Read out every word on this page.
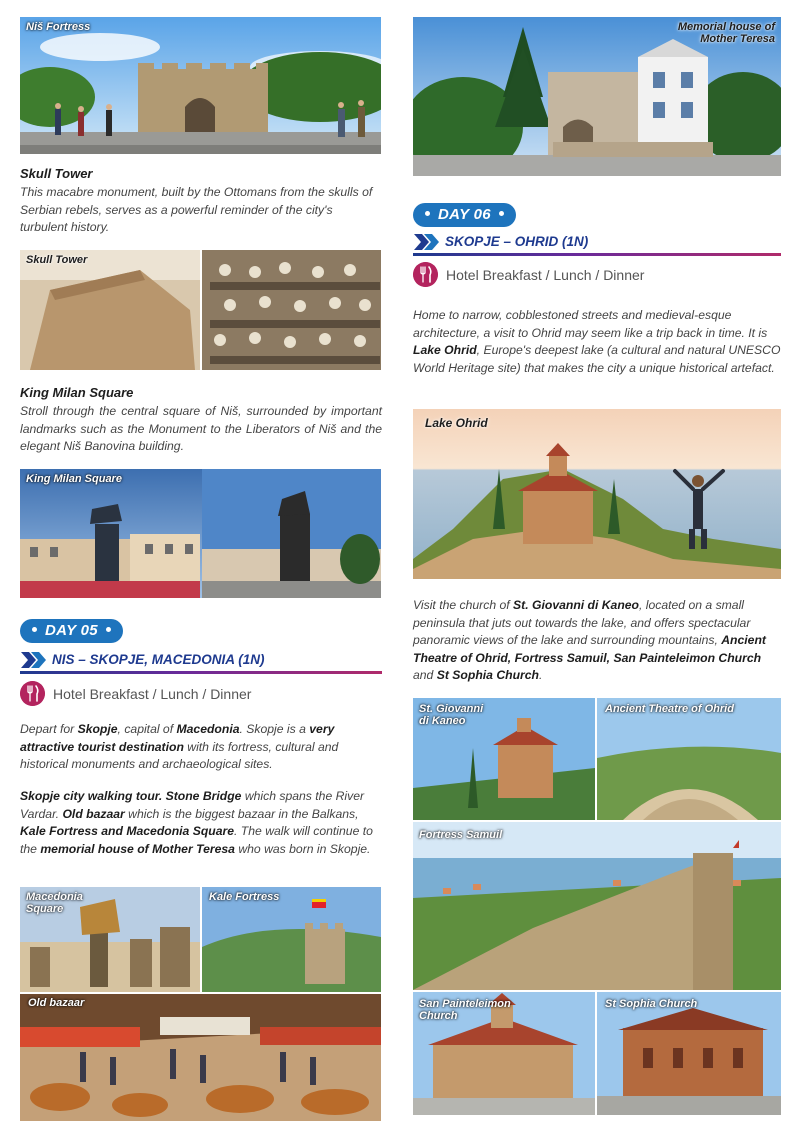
Niš Fortress
Skull Tower
This macabre monument, built by the Ottomans from the skulls of Serbian rebels, serves as a powerful reminder of the city's turbulent history.
Skull Tower
King Milan Square
Stroll through the central square of Niš, surrounded by important landmarks such as the Monument to the Liberators of Niš and the elegant Niš Banovina building.
King Milan Square
DAY 05
NIS – SKOPJE, MACEDONIA (1N)
Hotel Breakfast / Lunch / Dinner
Depart for Skopje, capital of Macedonia. Skopje is a very attractive tourist destination with its fortress, cultural and historical monuments and archaeological sites.
Skopje city walking tour. Stone Bridge which spans the River Vardar. Old bazaar which is the biggest bazaar in the Balkans, Kale Fortress and Macedonia Square. The walk will continue to the memorial house of Mother Teresa who was born in Skopje.
Macedonia
Square
Kale Fortress
Old bazaar
Memorial house of
Mother Teresa
DAY 06
SKOPJE – OHRID (1N)
Hotel Breakfast / Lunch / Dinner
Home to narrow, cobblestoned streets and medieval-esque architecture, a visit to Ohrid may seem like a trip back in time. It is Lake Ohrid, Europe's deepest lake (a cultural and natural UNESCO World Heritage site) that makes the city a unique historical artefact.
Lake Ohrid
Visit the church of St. Giovanni di Kaneo, located on a small peninsula that juts out towards the lake, and offers spectacular panoramic views of the lake and surrounding mountains, Ancient Theatre of Ohrid, Fortress Samuil, San Painteleimon Church and St Sophia Church.
St. Giovanni
di Kaneo
Ancient Theatre of Ohrid
Fortress Samuil
San Painteleimon
Church
St Sophia Church
